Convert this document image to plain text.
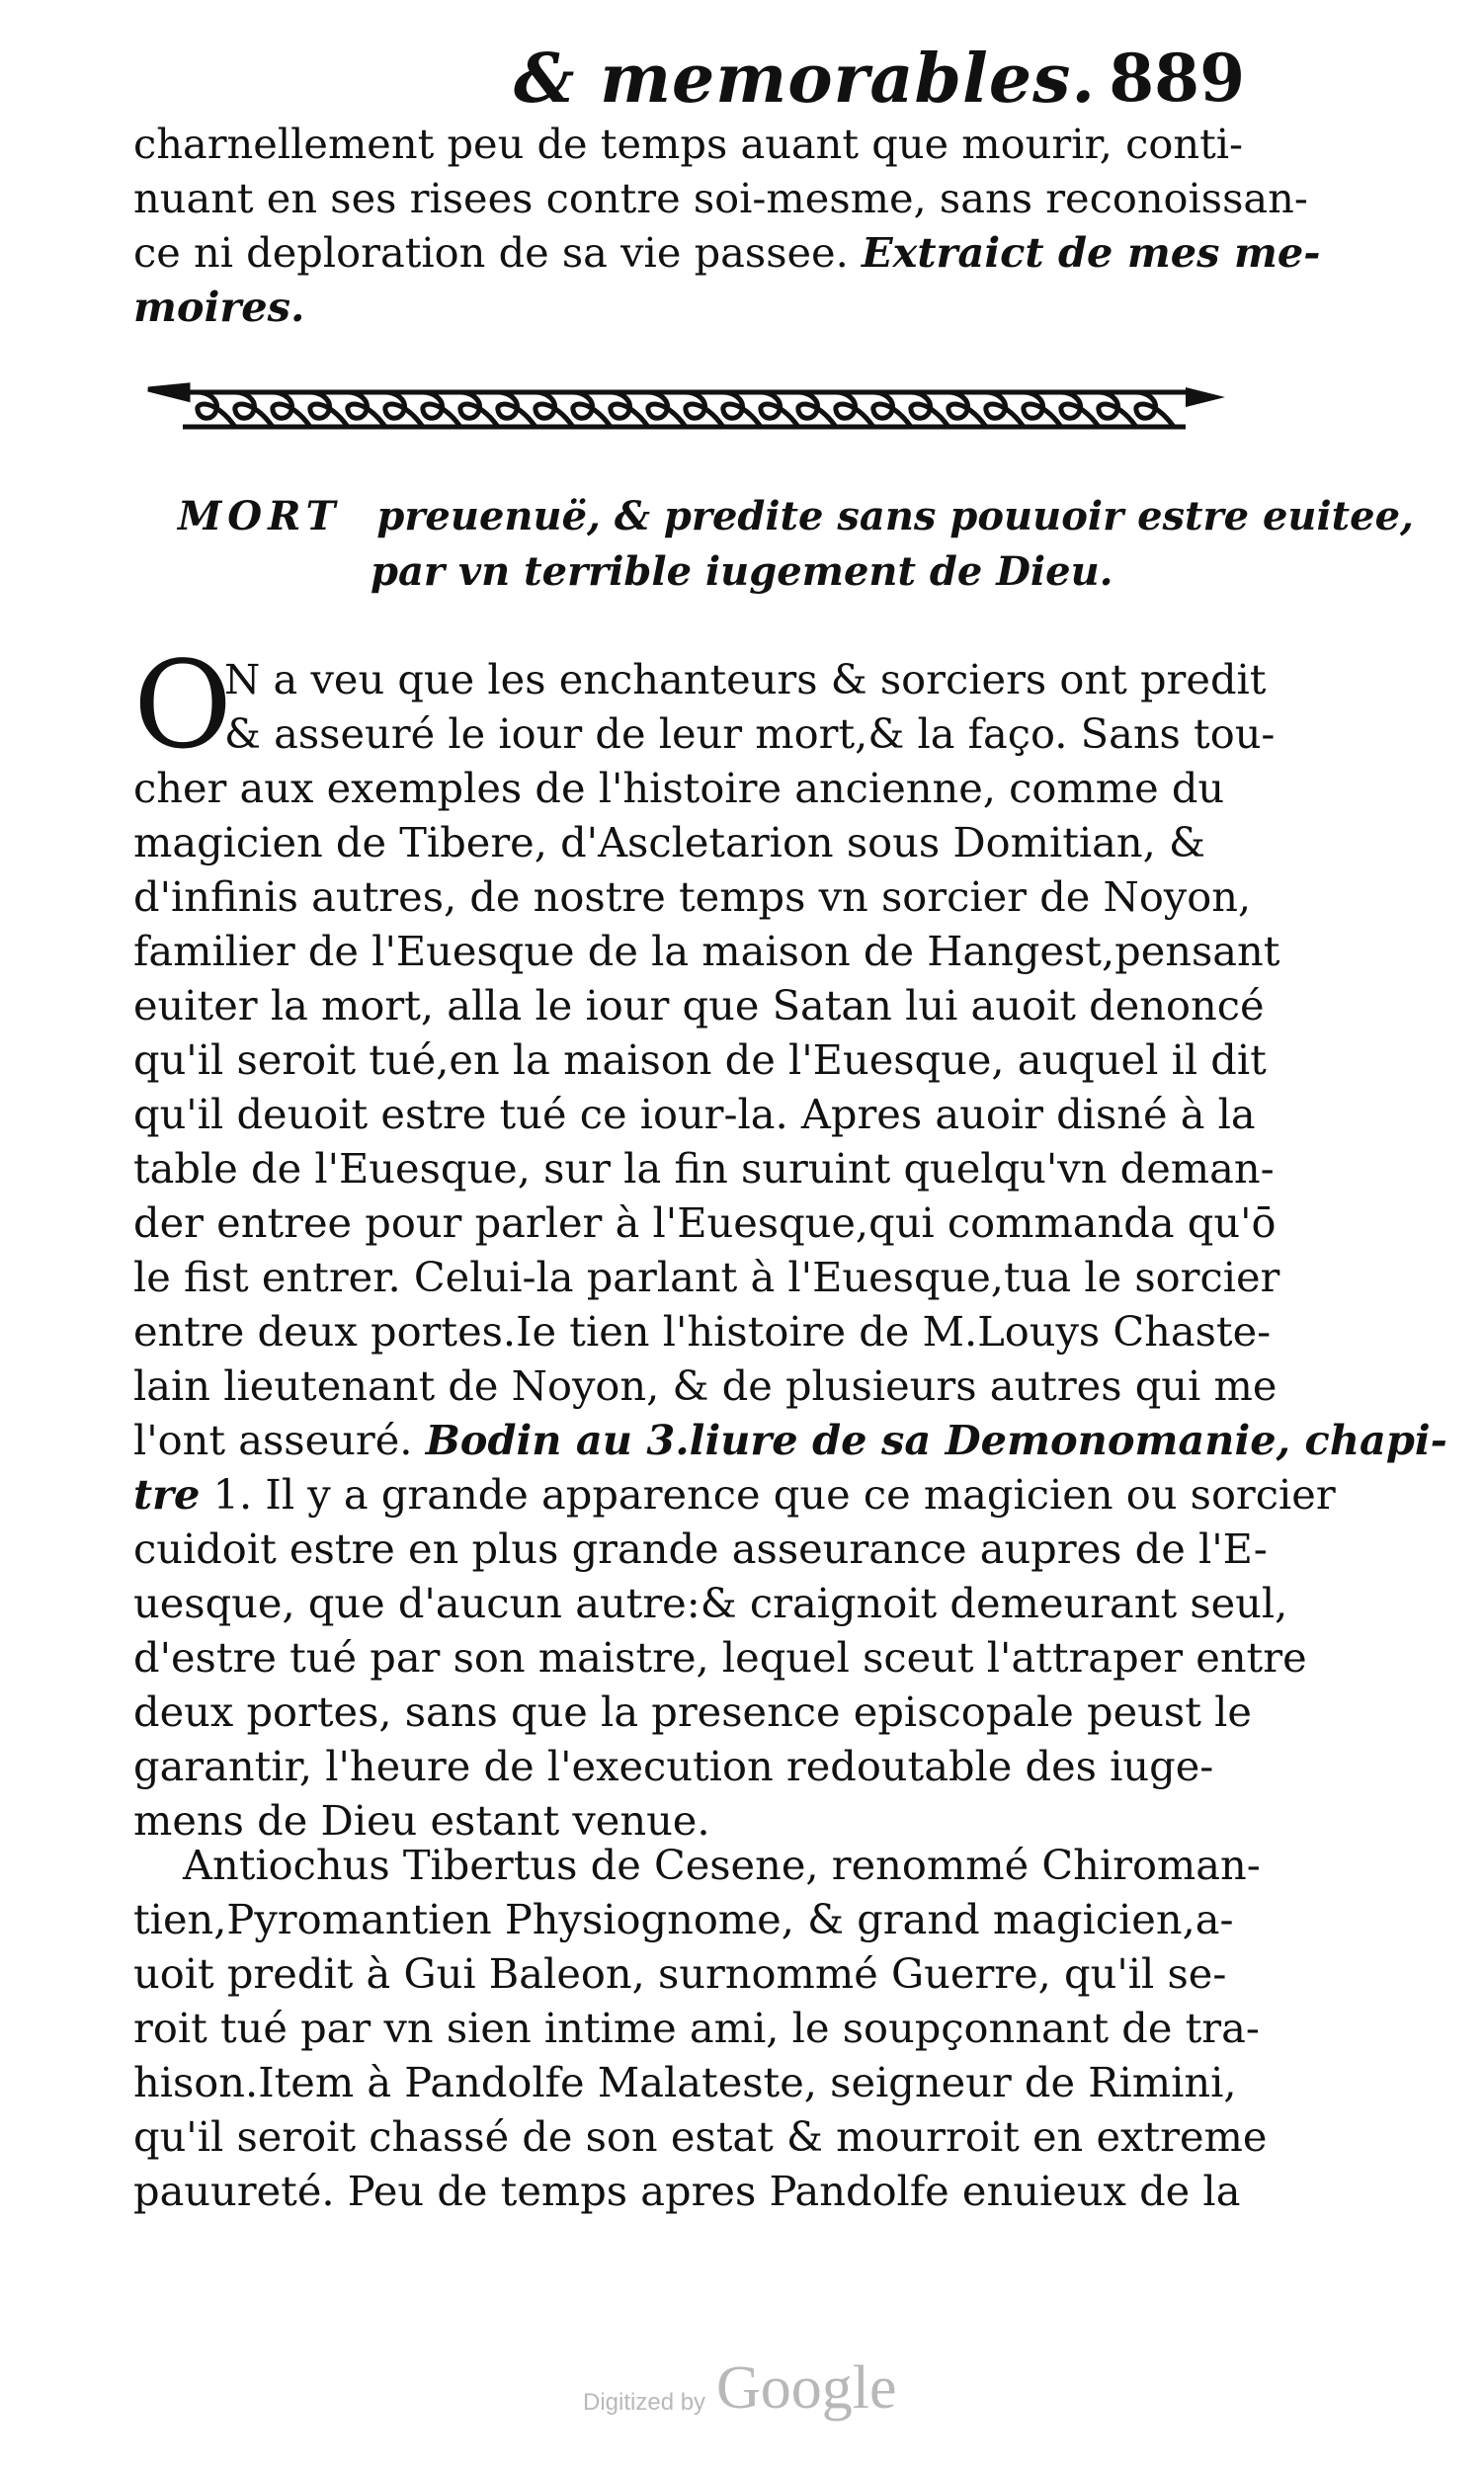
& memorables. 889
charnellement peu de temps auant que mourir, conti-
nuant en ses risees contre soi-mesme, sans reconoissan-
ce ni deploration de sa vie passee. Extraict de mes me-
moires.
MORT preuenuë, & predite sans pouuoir estre euitee,
par vn terrible iugement de Dieu.
O
N a veu que les enchanteurs & sorciers ont predit
& asseuré le iour de leur mort,& la faço. Sans tou-
cher aux exemples de l'histoire ancienne, comme du
magicien de Tibere, d'Ascletarion sous Domitian, &
d'infinis autres, de nostre temps vn sorcier de Noyon,
familier de l'Euesque de la maison de Hangest,pensant
euiter la mort, alla le iour que Satan lui auoit denoncé
qu'il seroit tué,en la maison de l'Euesque, auquel il dit
qu'il deuoit estre tué ce iour-la. Apres auoir disné à la
table de l'Euesque, sur la fin suruint quelqu'vn deman-
der entree pour parler à l'Euesque,qui commanda qu'ō
le fist entrer. Celui-la parlant à l'Euesque,tua le sorcier
entre deux portes.Ie tien l'histoire de M.Louys Chaste-
lain lieutenant de Noyon, & de plusieurs autres qui me
l'ont asseuré. Bodin au 3.liure de sa Demonomanie, chapi-
tre 1. Il y a grande apparence que ce magicien ou sorcier
cuidoit estre en plus grande asseurance aupres de l'E-
uesque, que d'aucun autre:& craignoit demeurant seul,
d'estre tué par son maistre, lequel sceut l'attraper entre
deux portes, sans que la presence episcopale peust le
garantir, l'heure de l'execution redoutable des iuge-
mens de Dieu estant venue.
Antiochus Tibertus de Cesene, renommé Chiroman-
tien,Pyromantien Physiognome, & grand magicien,a-
uoit predit à Gui Baleon, surnommé Guerre, qu'il se-
roit tué par vn sien intime ami, le soupçonnant de tra-
hison.Item à Pandolfe Malateste, seigneur de Rimini,
qu'il seroit chassé de son estat & mourroit en extreme
pauureté. Peu de temps apres Pandolfe enuieux de la
Digitized by Google
